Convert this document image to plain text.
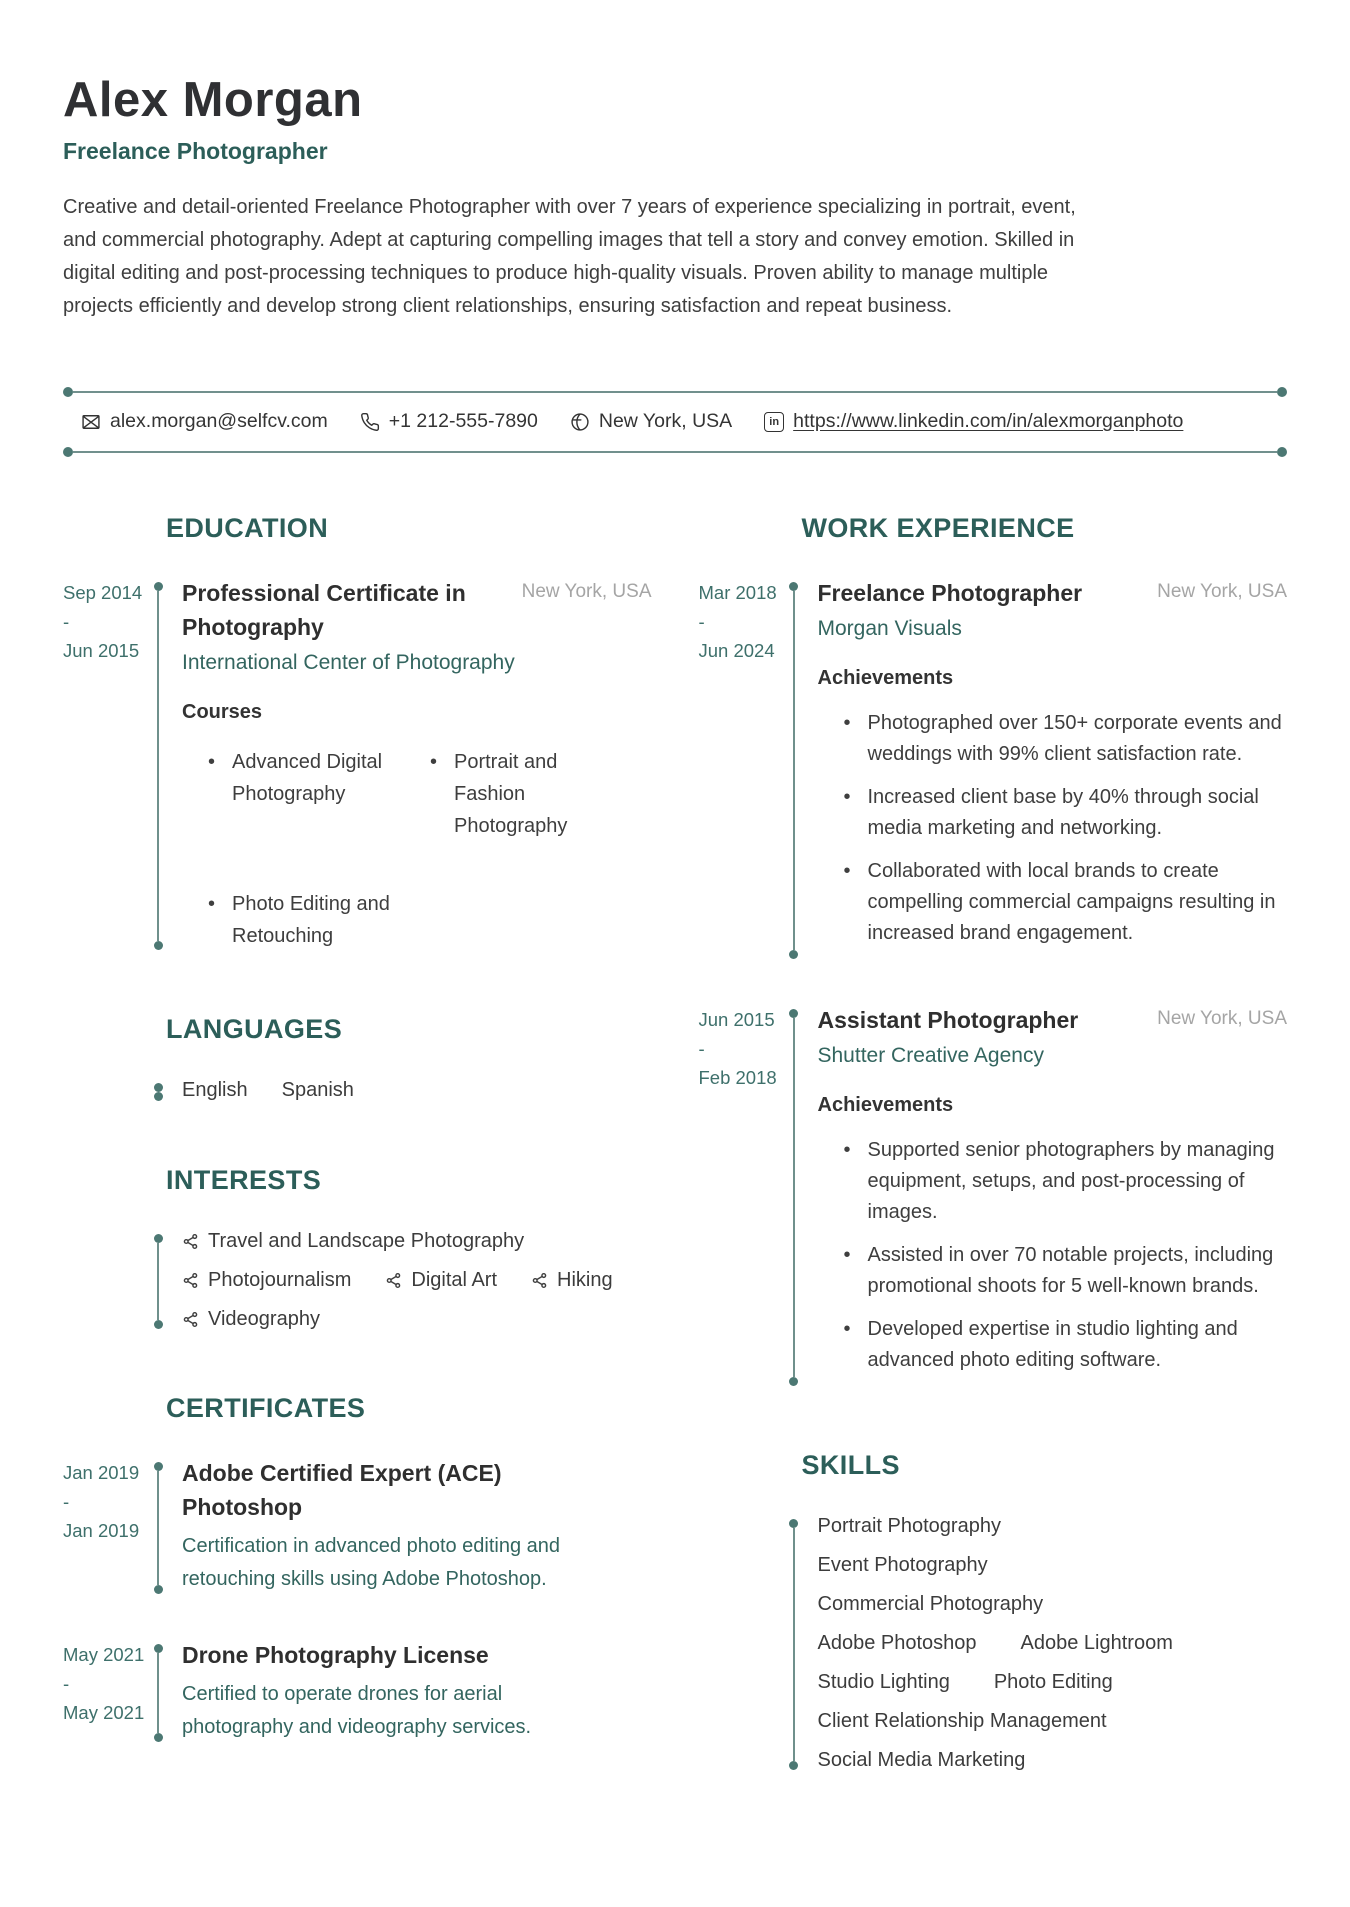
Alex Morgan
Freelance Photographer

Creative and detail-oriented Freelance Photographer with over 7 years of experience specializing in portrait, event, and commercial photography. Adept at capturing compelling images that tell a story and convey emotion. Skilled in digital editing and post-processing techniques to produce high-quality visuals. Proven ability to manage multiple projects efficiently and develop strong client relationships, ensuring satisfaction and repeat business.

alex.morgan@selfcv.com	+1 212-555-7890	New York, USA	in https://www.linkedin.com/in/alexmorganphoto
EDUCATION
Sep 2014
-
Jun 2015
Professional Certificate in Photography
New York, USA
International Center of Photography
Courses
• Advanced Digital Photography
• Portrait and Fashion Photography
• Photo Editing and Retouching
LANGUAGES
English Spanish
INTERESTS
Travel and Landscape Photography
Photojournalism	Digital Art	Hiking
Videography
CERTIFICATES
Jan 2019
-
Jan 2019
Adobe Certified Expert (ACE) Photoshop
Certification in advanced photo editing and retouching skills using Adobe Photoshop.
May 2021
-
May 2021
Drone Photography License
Certified to operate drones for aerial photography and videography services.
WORK EXPERIENCE
Mar 2018
-
Jun 2024
Freelance Photographer	New York, USA
Morgan Visuals
Achievements
• Photographed over 150+ corporate events and weddings with 99% client satisfaction rate.
• Increased client base by 40% through social media marketing and networking.
• Collaborated with local brands to create compelling commercial campaigns resulting in increased brand engagement.
Jun 2015
-
Feb 2018
Assistant Photographer	New York, USA
Shutter Creative Agency
Achievements
• Supported senior photographers by managing equipment, setups, and post-processing of images.
• Assisted in over 70 notable projects, including promotional shoots for 5 well-known brands.
• Developed expertise in studio lighting and advanced photo editing software.
SKILLS
Portrait Photography
Event Photography
Commercial Photography
Adobe Photoshop Adobe Lightroom
Studio Lighting Photo Editing
Client Relationship Management
Social Media Marketing
